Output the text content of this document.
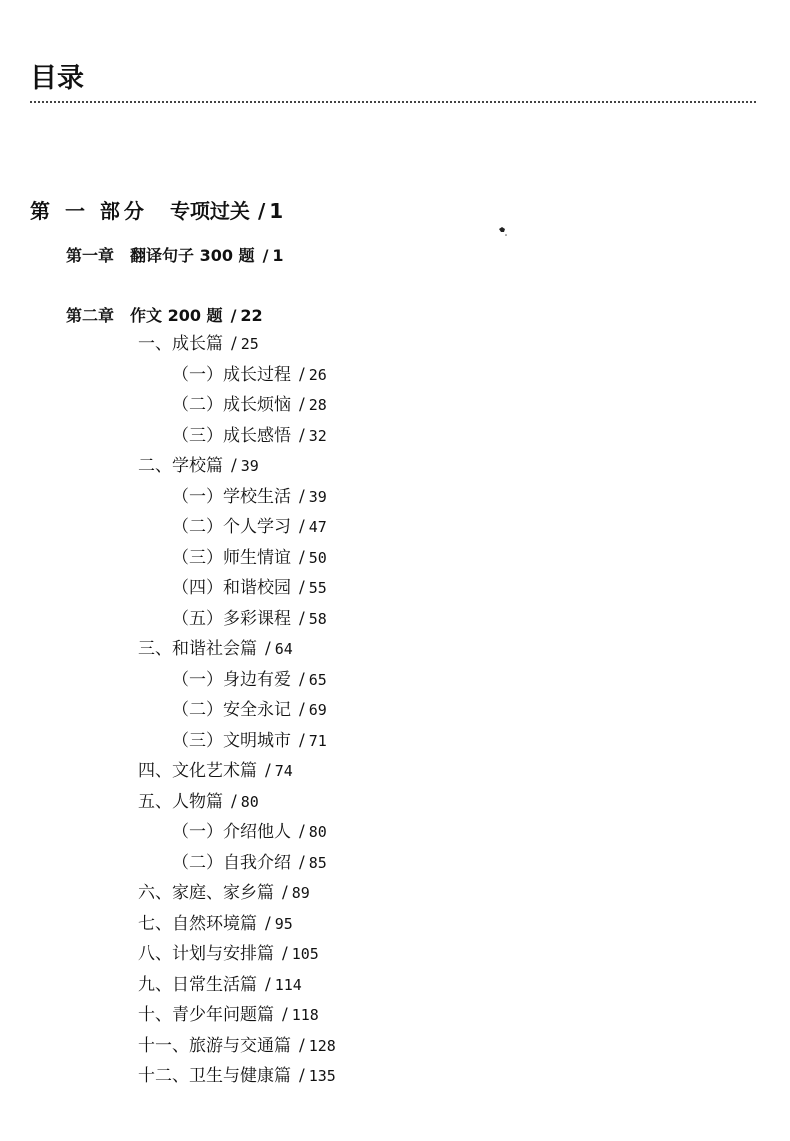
目录
第 一 部分 专项过关 / 1
第一章 翻译句子 300 题 / 1
第二章 作文 200 题 / 22
一、成长篇 / 25
（一）成长过程 / 26
（二）成长烦恼 / 28
（三）成长感悟 / 32
二、学校篇 / 39
（一）学校生活 / 39
（二）个人学习 / 47
（三）师生情谊 / 50
（四）和谐校园 / 55
（五）多彩课程 / 58
三、和谐社会篇 / 64
（一）身边有爱 / 65
（二）安全永记 / 69
（三）文明城市 / 71
四、文化艺术篇 / 74
五、人物篇 / 80
（一）介绍他人 / 80
（二）自我介绍 / 85
六、家庭、家乡篇 / 89
七、自然环境篇 / 95
八、计划与安排篇 / 105
九、日常生活篇 / 114
十、青少年问题篇 / 118
十一、旅游与交通篇 / 128
十二、卫生与健康篇 / 135
